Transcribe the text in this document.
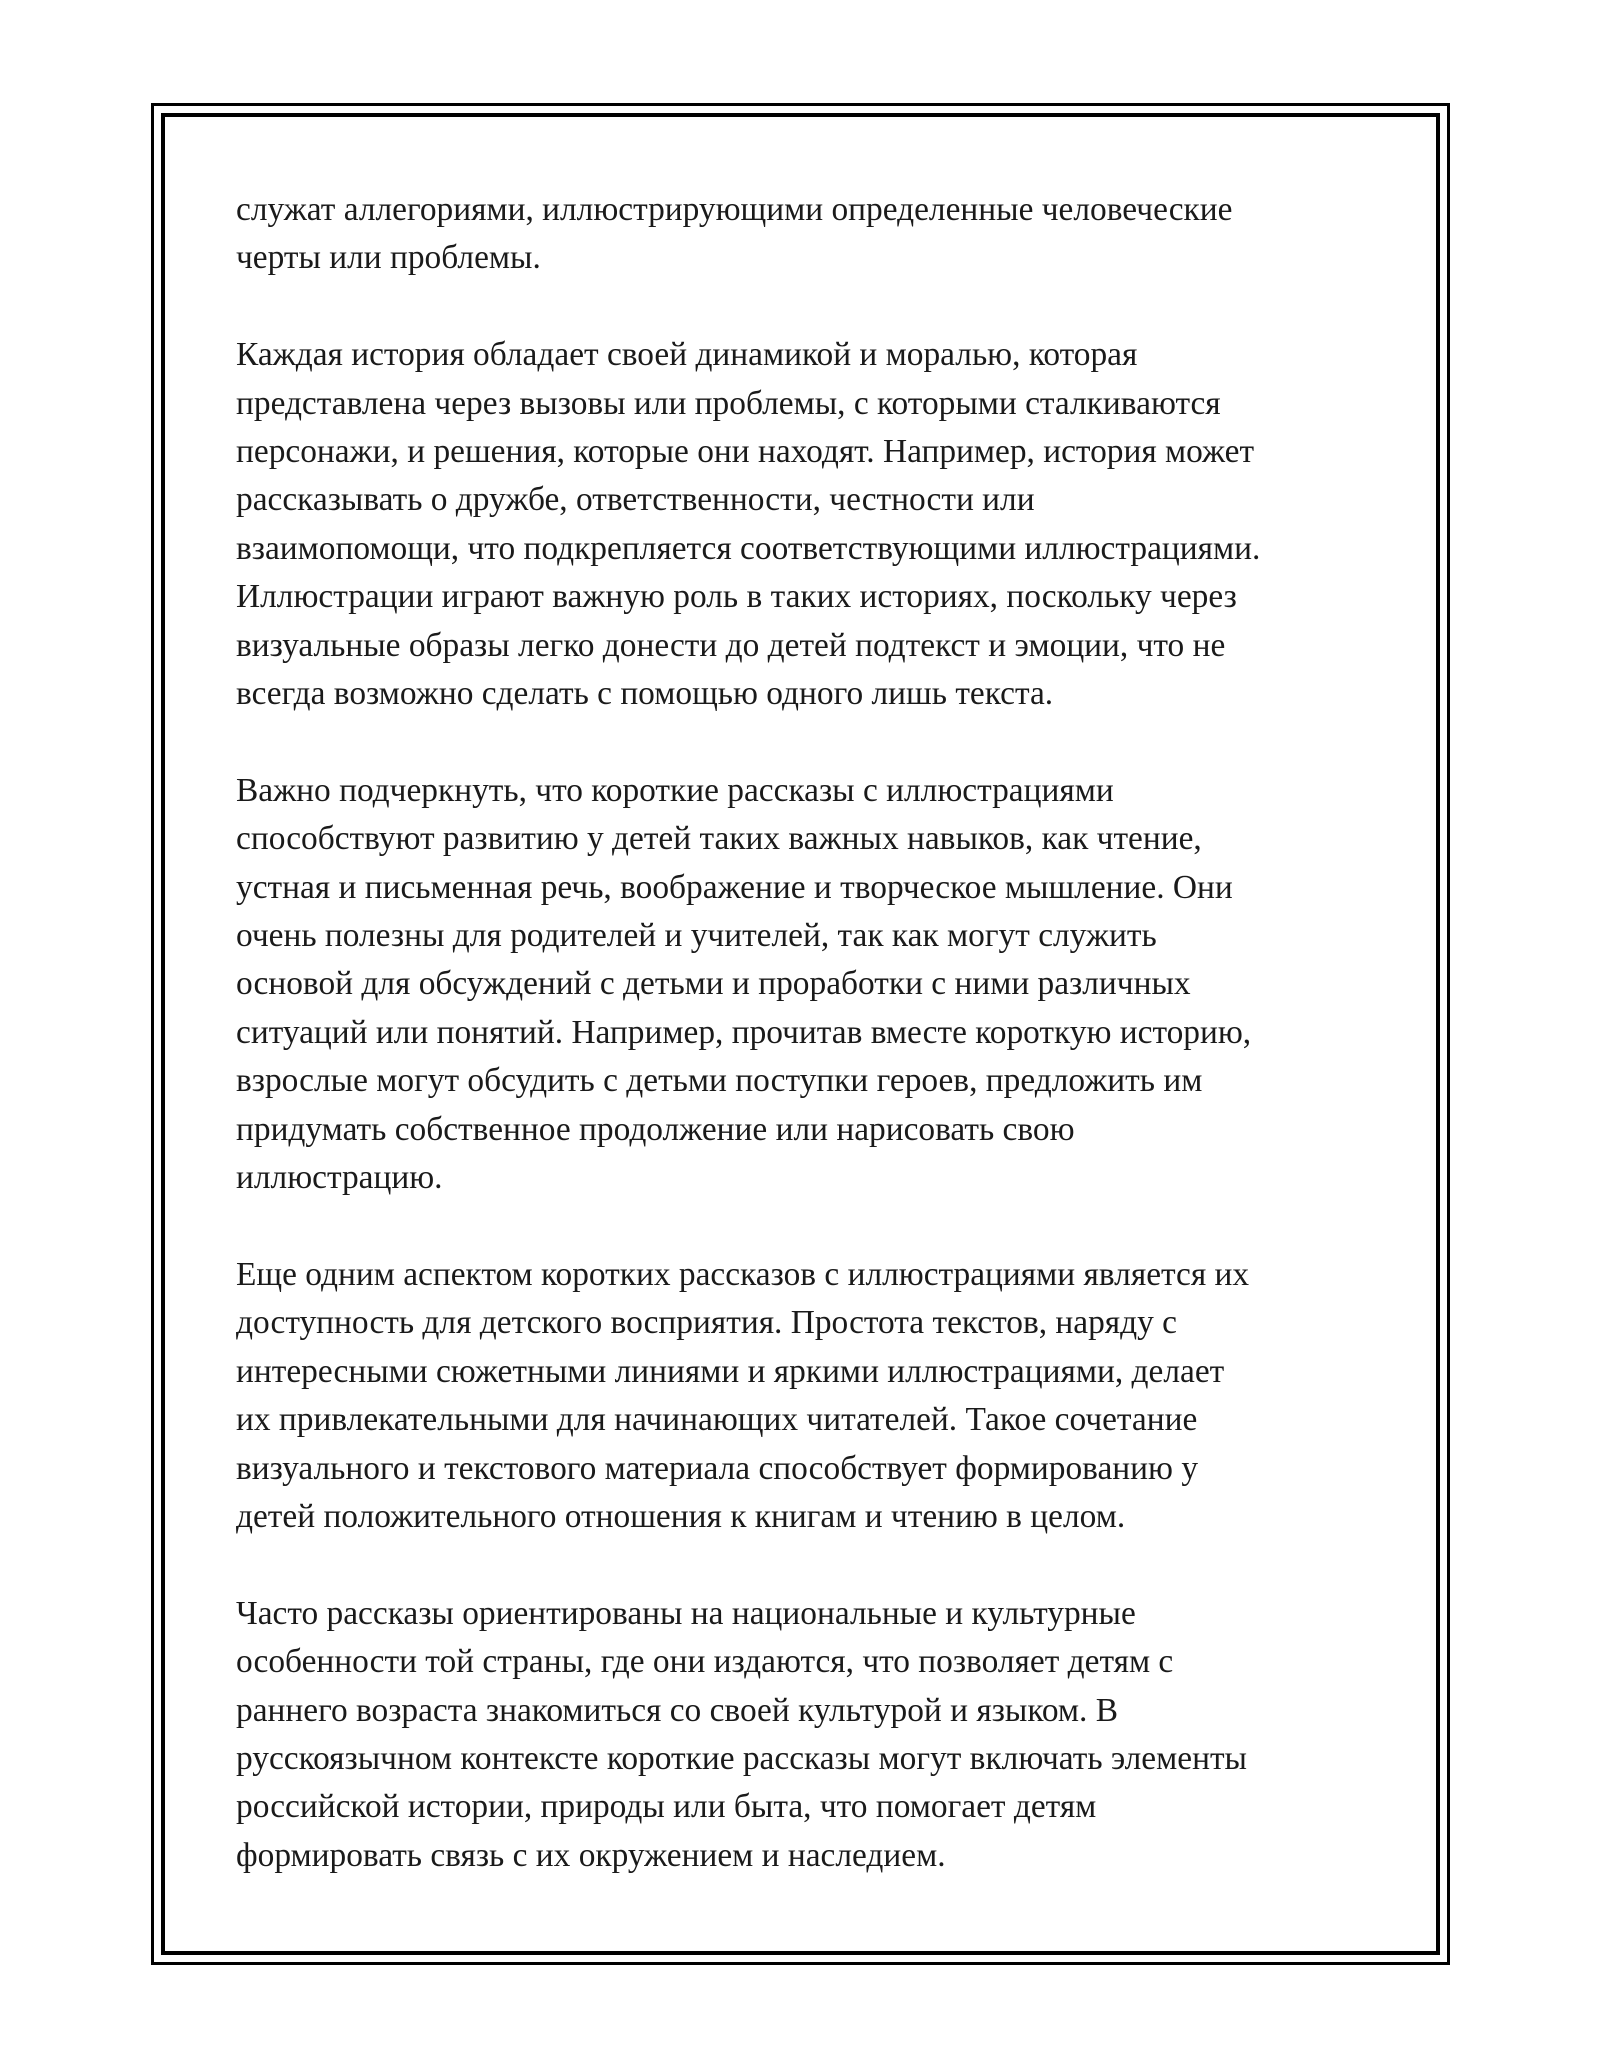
служат аллегориями, иллюстрирующими определенные человеческие
черты или проблемы.

Каждая история обладает своей динамикой и моралью, которая
представлена через вызовы или проблемы, с которыми сталкиваются
персонажи, и решения, которые они находят. Например, история может
рассказывать о дружбе, ответственности, честности или
взаимопомощи, что подкрепляется соответствующими иллюстрациями.
Иллюстрации играют важную роль в таких историях, поскольку через
визуальные образы легко донести до детей подтекст и эмоции, что не
всегда возможно сделать с помощью одного лишь текста.

Важно подчеркнуть, что короткие рассказы с иллюстрациями
способствуют развитию у детей таких важных навыков, как чтение,
устная и письменная речь, воображение и творческое мышление. Они
очень полезны для родителей и учителей, так как могут служить
основой для обсуждений с детьми и проработки с ними различных
ситуаций или понятий. Например, прочитав вместе короткую историю,
взрослые могут обсудить с детьми поступки героев, предложить им
придумать собственное продолжение или нарисовать свою
иллюстрацию.

Еще одним аспектом коротких рассказов с иллюстрациями является их
доступность для детского восприятия. Простота текстов, наряду с
интересными сюжетными линиями и яркими иллюстрациями, делает
их привлекательными для начинающих читателей. Такое сочетание
визуального и текстового материала способствует формированию у
детей положительного отношения к книгам и чтению в целом.

Часто рассказы ориентированы на национальные и культурные
особенности той страны, где они издаются, что позволяет детям с
раннего возраста знакомиться со своей культурой и языком. В
русскоязычном контексте короткие рассказы могут включать элементы
российской истории, природы или быта, что помогает детям
формировать связь с их окружением и наследием.
